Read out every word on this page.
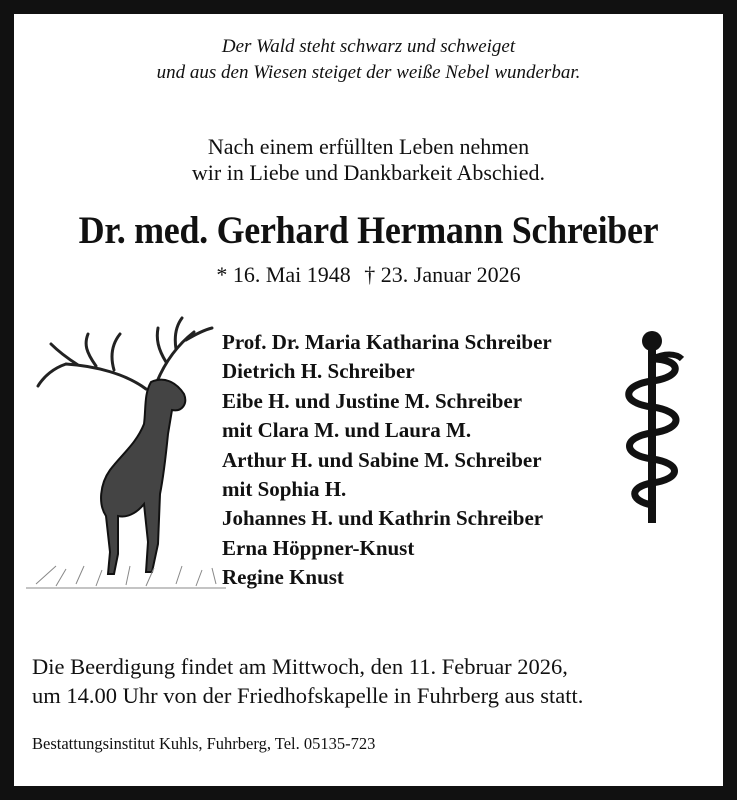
Der Wald steht schwarz und schweiget
und aus den Wiesen steiget der weiße Nebel wunderbar.
Nach einem erfüllten Leben nehmen
wir in Liebe und Dankbarkeit Abschied.
Dr. med. Gerhard Hermann Schreiber
* 16. Mai 1948 † 23. Januar 2026
Prof. Dr. Maria Katharina Schreiber
Dietrich H. Schreiber
Eibe H. und Justine M. Schreiber
mit Clara M. und Laura M.
Arthur H. und Sabine M. Schreiber
mit Sophia H.
Johannes H. und Kathrin Schreiber
Erna Höppner-Knust
Regine Knust
Die Beerdigung findet am Mittwoch, den 11. Februar 2026,
um 14.00 Uhr von der Friedhofskapelle in Fuhrberg aus statt.
Bestattungsinstitut Kuhls, Fuhrberg, Tel. 05135-723
